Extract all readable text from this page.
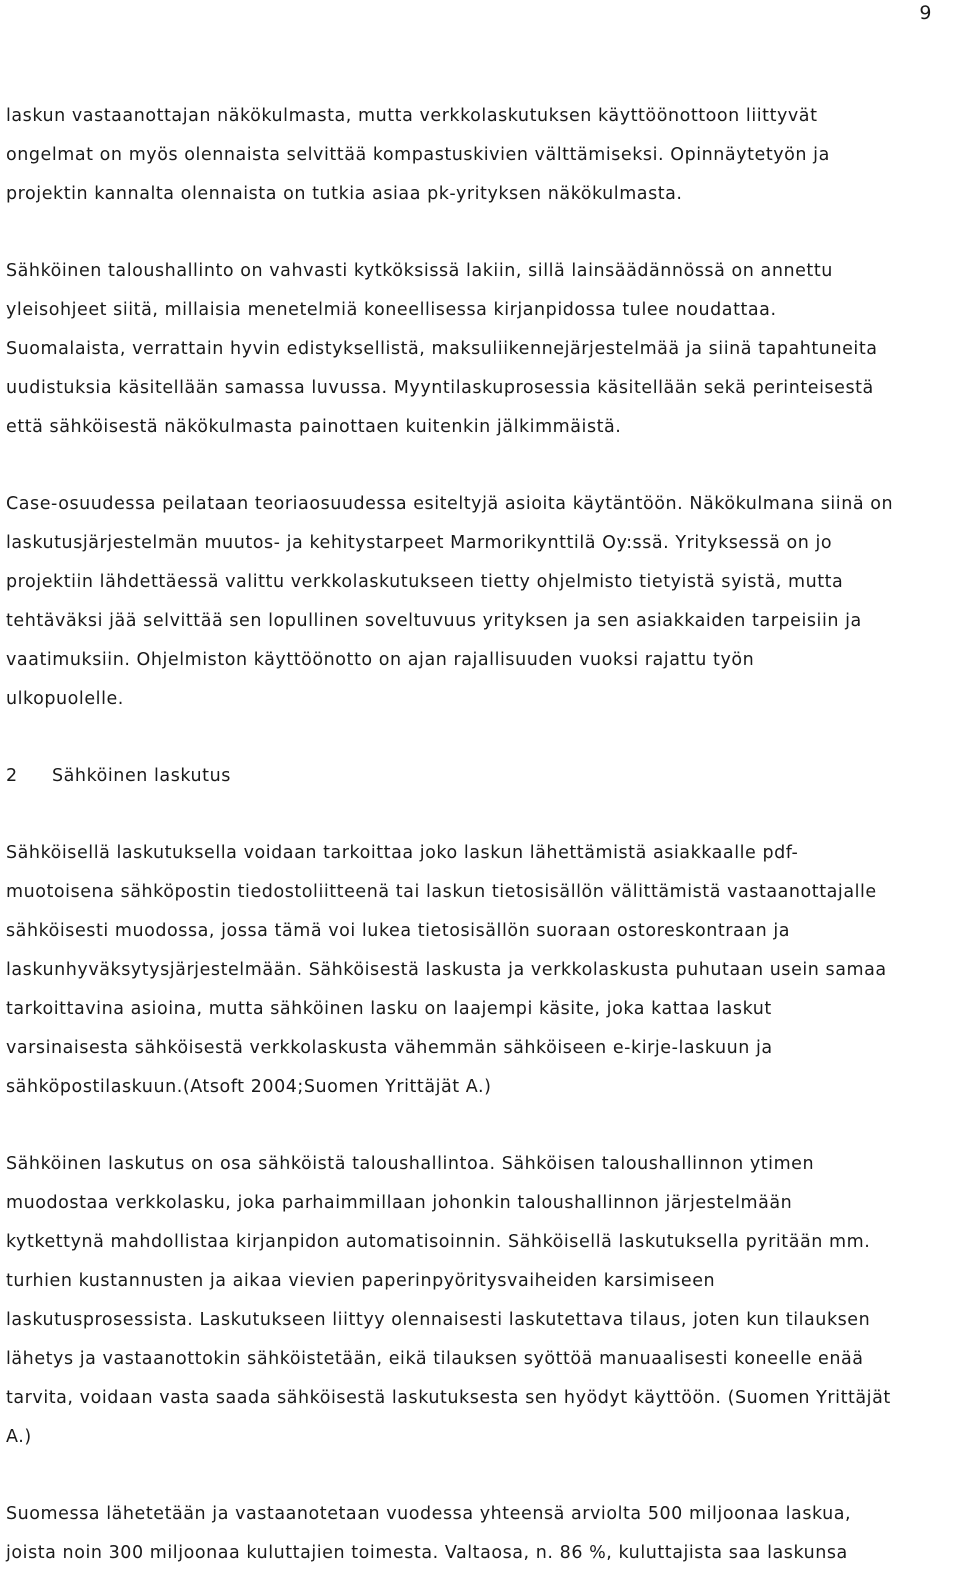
9
laskun vastaanottajan näkökulmasta, mutta verkkolaskutuksen käyttöönottoon liittyvät
ongelmat on myös olennaista selvittää kompastuskivien välttämiseksi. Opinnäytetyön ja
projektin kannalta olennaista on tutkia asiaa pk-yrityksen näkökulmasta.
Sähköinen taloushallinto on vahvasti kytköksissä lakiin, sillä lainsäädännössä on annettu
yleisohjeet siitä, millaisia menetelmiä koneellisessa kirjanpidossa tulee noudattaa.
Suomalaista, verrattain hyvin edistyksellistä, maksuliikennejärjestelmää ja siinä tapahtuneita
uudistuksia käsitellään samassa luvussa. Myyntilaskuprosessia käsitellään sekä perinteisestä
että sähköisestä näkökulmasta painottaen kuitenkin jälkimmäistä.
Case-osuudessa peilataan teoriaosuudessa esiteltyjä asioita käytäntöön. Näkökulmana siinä on
laskutusjärjestelmän muutos- ja kehitystarpeet Marmorikynttilä Oy:ssä. Yrityksessä on jo
projektiin lähdettäessä valittu verkkolaskutukseen tietty ohjelmisto tietyistä syistä, mutta
tehtäväksi jää selvittää sen lopullinen soveltuvuus yrityksen ja sen asiakkaiden tarpeisiin ja
vaatimuksiin. Ohjelmiston käyttöönotto on ajan rajallisuuden vuoksi rajattu työn
ulkopuolelle.
2 Sähköinen laskutus
Sähköisellä laskutuksella voidaan tarkoittaa joko laskun lähettämistä asiakkaalle pdf-
muotoisena sähköpostin tiedostoliitteenä tai laskun tietosisällön välittämistä vastaanottajalle
sähköisesti muodossa, jossa tämä voi lukea tietosisällön suoraan ostoreskontraan ja
laskunhyväksytysjärjestelmään. Sähköisestä laskusta ja verkkolaskusta puhutaan usein samaa
tarkoittavina asioina, mutta sähköinen lasku on laajempi käsite, joka kattaa laskut
varsinaisesta sähköisestä verkkolaskusta vähemmän sähköiseen e-kirje-laskuun ja
sähköpostilaskuun.(Atsoft 2004;Suomen Yrittäjät A.)
Sähköinen laskutus on osa sähköistä taloushallintoa. Sähköisen taloushallinnon ytimen
muodostaa verkkolasku, joka parhaimmillaan johonkin taloushallinnon järjestelmään
kytkettynä mahdollistaa kirjanpidon automatisoinnin. Sähköisellä laskutuksella pyritään mm.
turhien kustannusten ja aikaa vievien paperinpyöritysvaiheiden karsimiseen
laskutusprosessista. Laskutukseen liittyy olennaisesti laskutettava tilaus, joten kun tilauksen
lähetys ja vastaanottokin sähköistetään, eikä tilauksen syöttöä manuaalisesti koneelle enää
tarvita, voidaan vasta saada sähköisestä laskutuksesta sen hyödyt käyttöön. (Suomen Yrittäjät
A.)
Suomessa lähetetään ja vastaanotetaan vuodessa yhteensä arviolta 500 miljoonaa laskua,
joista noin 300 miljoonaa kuluttajien toimesta. Valtaosa, n. 86 %, kuluttajista saa laskunsa
